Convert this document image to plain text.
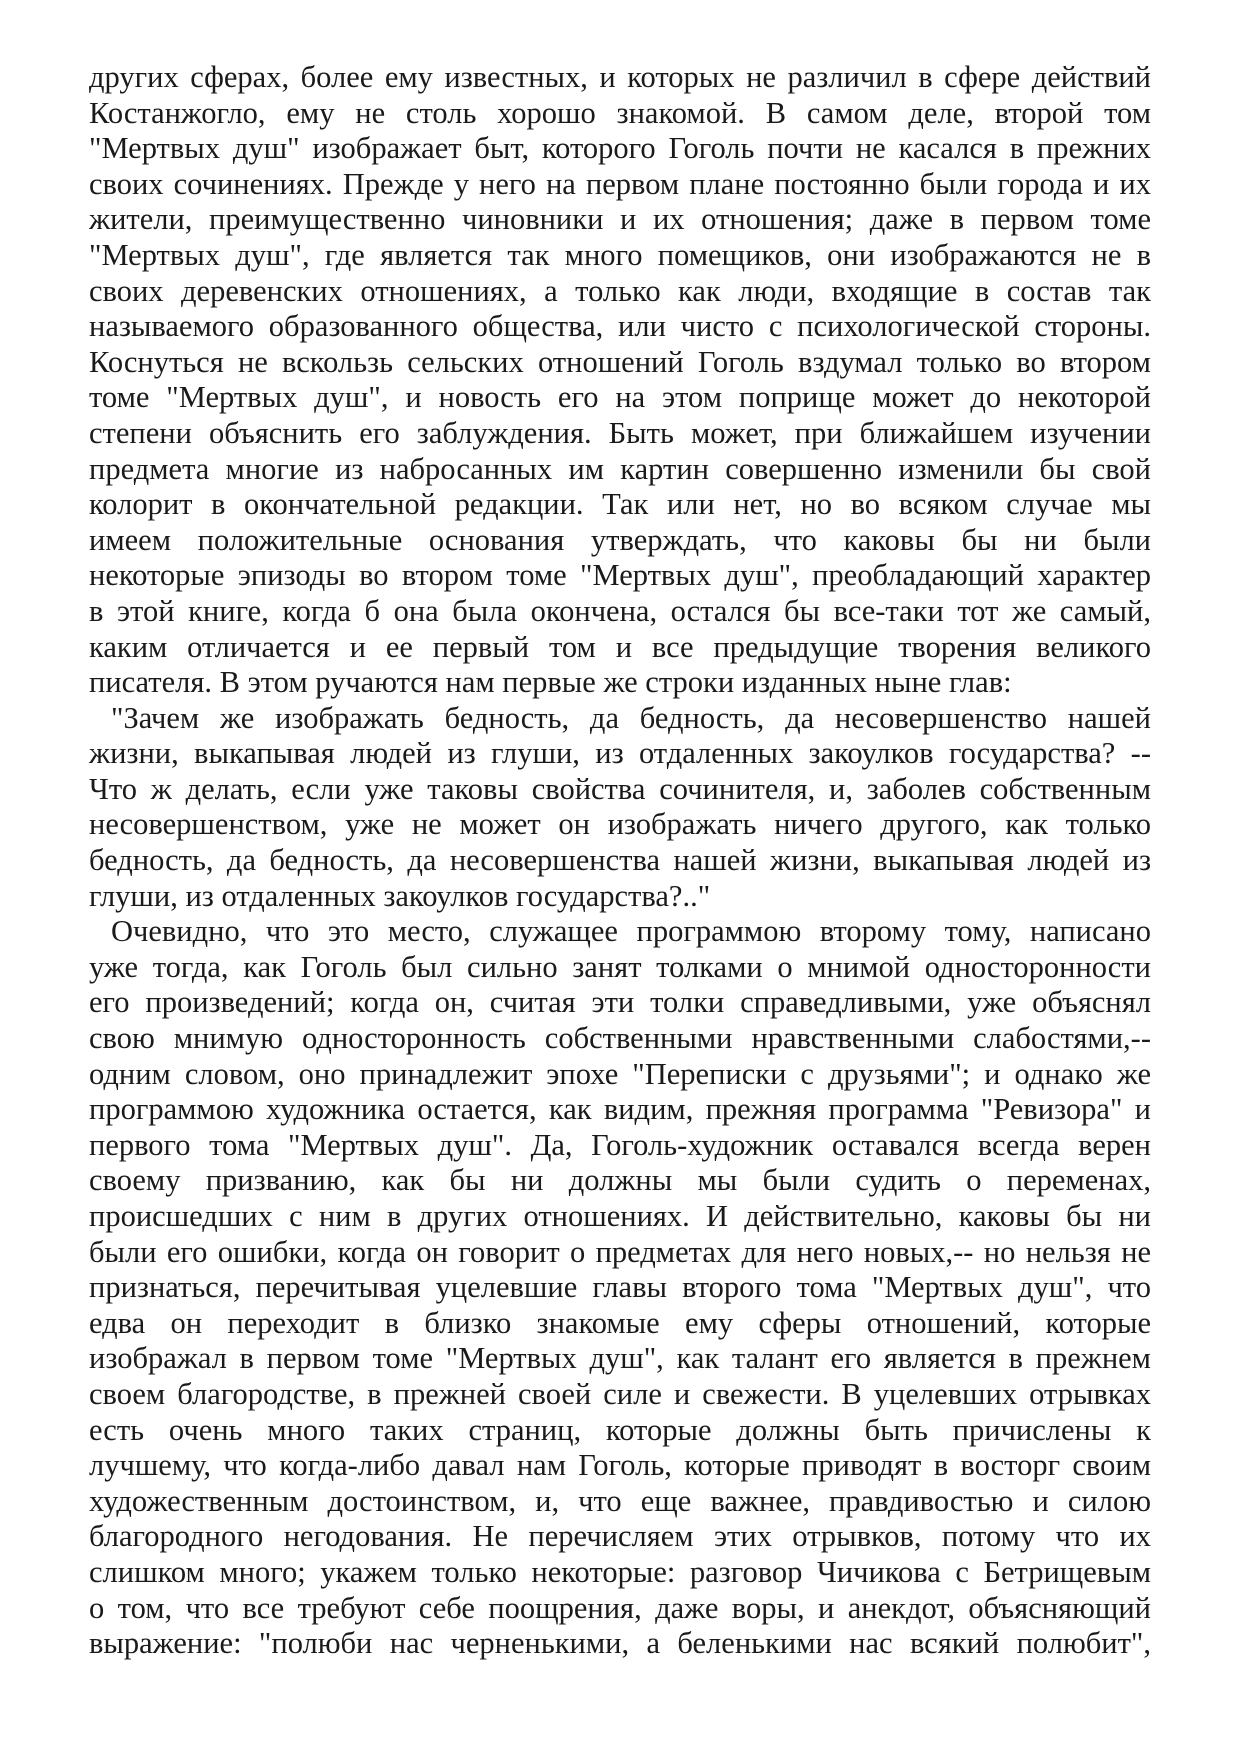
других сферах, более ему известных, и которых не различил в сфере действий
Костанжогло, ему не столь хорошо знакомой. В самом деле, второй том
"Мертвых душ" изображает быт, которого Гоголь почти не касался в прежних
своих сочинениях. Прежде у него на первом плане постоянно были города и их
жители, преимущественно чиновники и их отношения; даже в первом томе
"Мертвых душ", где является так много помещиков, они изображаются не в
своих деревенских отношениях, а только как люди, входящие в состав так
называемого образованного общества, или чисто с психологической стороны.
Коснуться не вскользь сельских отношений Гоголь вздумал только во втором
томе "Мертвых душ", и новость его на этом поприще может до некоторой
степени объяснить его заблуждения. Быть может, при ближайшем изучении
предмета многие из набросанных им картин совершенно изменили бы свой
колорит в окончательной редакции. Так или нет, но во всяком случае мы
имеем положительные основания утверждать, что каковы бы ни были
некоторые эпизоды во втором томе "Мертвых душ", преобладающий характер
в этой книге, когда б она была окончена, остался бы все-таки тот же самый,
каким отличается и ее первый том и все предыдущие творения великого
писателя. В этом ручаются нам первые же строки изданных ныне глав:
"Зачем же изображать бедность, да бедность, да несовершенство нашей
жизни, выкапывая людей из глуши, из отдаленных закоулков государства? --
Что ж делать, если уже таковы свойства сочинителя, и, заболев собственным
несовершенством, уже не может он изображать ничего другого, как только
бедность, да бедность, да несовершенства нашей жизни, выкапывая людей из
глуши, из отдаленных закоулков государства?.."
Очевидно, что это место, служащее программою второму тому, написано
уже тогда, как Гоголь был сильно занят толками о мнимой односторонности
его произведений; когда он, считая эти толки справедливыми, уже объяснял
свою мнимую односторонность собственными нравственными слабостями,--
одним словом, оно принадлежит эпохе "Переписки с друзьями"; и однако же
программою художника остается, как видим, прежняя программа "Ревизора" и
первого тома "Мертвых душ". Да, Гоголь-художник оставался всегда верен
своему призванию, как бы ни должны мы были судить о переменах,
происшедших с ним в других отношениях. И действительно, каковы бы ни
были его ошибки, когда он говорит о предметах для него новых,-- но нельзя не
признаться, перечитывая уцелевшие главы второго тома "Мертвых душ", что
едва он переходит в близко знакомые ему сферы отношений, которые
изображал в первом томе "Мертвых душ", как талант его является в прежнем
своем благородстве, в прежней своей силе и свежести. В уцелевших отрывках
есть очень много таких страниц, которые должны быть причислены к
лучшему, что когда-либо давал нам Гоголь, которые приводят в восторг своим
художественным достоинством, и, что еще важнее, правдивостью и силою
благородного негодования. Не перечисляем этих отрывков, потому что их
слишком много; укажем только некоторые: разговор Чичикова с Бетрищевым
о том, что все требуют себе поощрения, даже воры, и анекдот, объясняющий
выражение: "полюби нас черненькими, а беленькими нас всякий полюбит",
